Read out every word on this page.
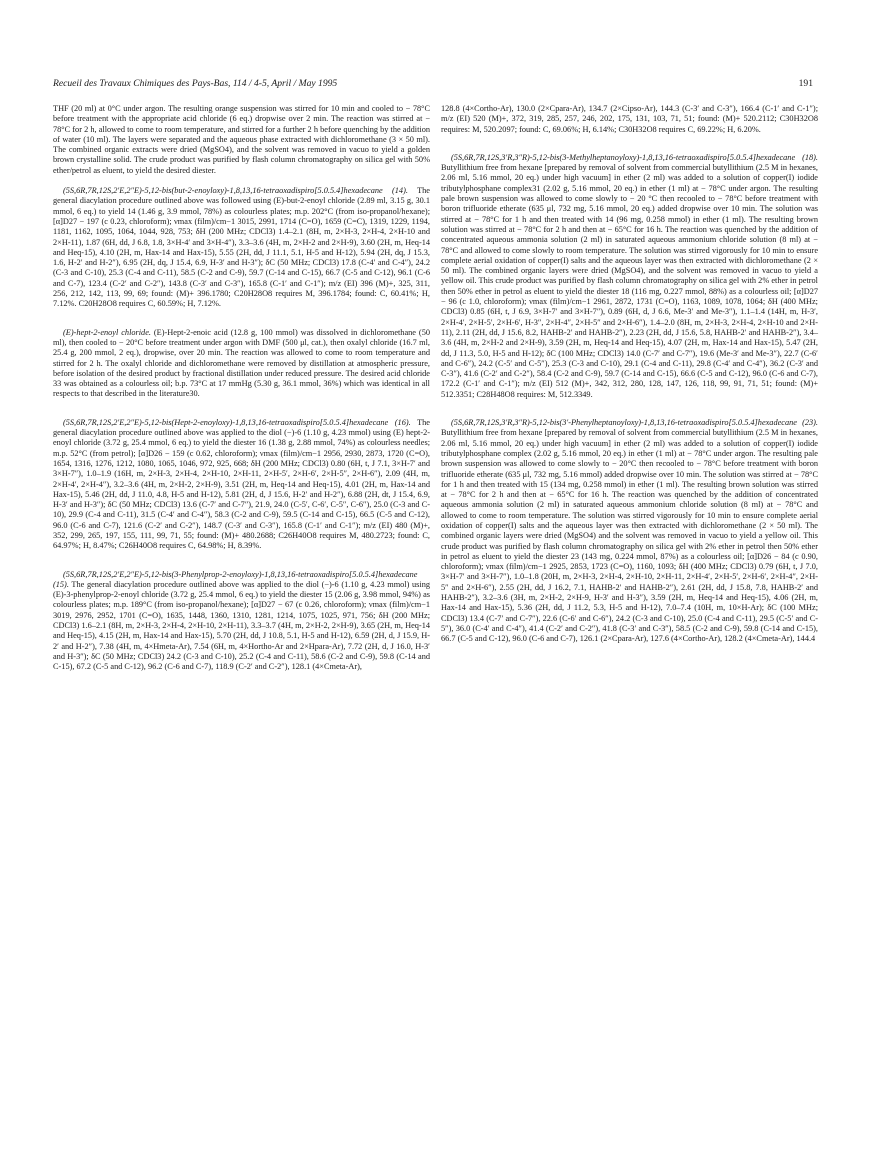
Recueil des Travaux Chimiques des Pays-Bas, 114 / 4-5, April / May 1995	191

THF (20 ml) at 0°C under argon. The resulting orange suspension was stirred for 10 min and cooled to − 78°C before treatment with the appropriate acid chloride (6 eq.) dropwise over 2 min. The reaction was stirred at − 78°C for 2 h, allowed to come to room temperature, and stirred for a further 2 h before quenching by the addition of water (10 ml). The layers were separated and the aqueous phase extracted with dichloromethane (3 × 50 ml). The combined organic extracts were dried (MgSO4), and the solvent was removed in vacuo to yield a golden brown crystalline solid. The crude product was purified by flash column chromatography on silica gel with 50% ether/petrol as eluent, to yield the desired diester.

(5S,6R,7R,12S,2′E,2″E)-5,12-bis(but-2-enoyloxy)-1,8,13,16-tetraoxadispiro[5.0.5.4]hexadecane (14). The general diacylation procedure outlined above was followed using (E)-but-2-enoyl chloride (2.89 ml, 3.15 g, 30.1 mmol, 6 eq.) to yield 14 (1.46 g, 3.9 mmol, 78%) as colourless plates; m.p. 202°C (from iso-propanol/hexane); [α]D27 − 197 (c 0.23, chloroform); νmax (film)/cm−1 3015, 2991, 1714 (C=O), 1659 (C=C), 1319, 1229, 1194, 1181, 1162, 1095, 1064, 1044, 928, 753; δH (200 MHz; CDCl3) 1.4–2.1 (8H, m, 2×H-3, 2×H-4, 2×H-10 and 2×H-11), 1.87 (6H, dd, J 6.8, 1.8, 3×H-4′ and 3×H-4″), 3.3–3.6 (4H, m, 2×H-2 and 2×H-9), 3.60 (2H, m, Heq-14 and Heq-15), 4.10 (2H, m, Hax-14 and Hax-15), 5.55 (2H, dd, J 11.1, 5.1, H-5 and H-12), 5.94 (2H, dq, J 15.3, 1.6, H-2′ and H-2″), 6.95 (2H, dq, J 15.4, 6.9, H-3′ and H-3″); δC (50 MHz; CDCl3) 17.8 (C-4′ and C-4″), 24.2 (C-3 and C-10), 25.3 (C-4 and C-11), 58.5 (C-2 and C-9), 59.7 (C-14 and C-15), 66.7 (C-5 and C-12), 96.1 (C-6 and C-7), 123.4 (C-2′ and C-2″), 143.8 (C-3′ and C-3″), 165.8 (C-1′ and C-1″); m/z (EI) 396 (M)+, 325, 311, 256, 212, 142, 113, 99, 69; found: (M)+ 396.1780; C20H28O8 requires M, 396.1784; found: C, 60.41%; H, 7.12%. C20H28O8 requires C, 60.59%; H, 7.12%.

(E)-hept-2-enoyl chloride. (E)-Hept-2-enoic acid (12.8 g, 100 mmol) was dissolved in dichloromethane (50 ml), then cooled to − 20°C before treatment under argon with DMF (500 μl, cat.), then oxalyl chloride (16.7 ml, 25.4 g, 200 mmol, 2 eq.), dropwise, over 20 min. The reaction was allowed to come to room temperature and stirred for 2 h. The oxalyl chloride and dichloromethane were removed by distillation at atmospheric pressure, before isolation of the desired product by fractional distillation under reduced pressure. The desired acid chloride 33 was obtained as a colourless oil; b.p. 73°C at 17 mmHg (5.30 g, 36.1 mmol, 36%) which was identical in all respects to that described in the literature30.

(5S,6R,7R,12S,2′E,2″E)-5,12-bis(Hept-2-enoyloxy)-1,8,13,16-tetraoxadispiro[5.0.5.4]hexadecane (16). The general diacylation procedure outlined above was applied to the diol (−)-6 (1.10 g, 4.23 mmol) using (E) hept-2-enoyl chloride (3.72 g, 25.4 mmol, 6 eq.) to yield the diester 16 (1.38 g, 2.88 mmol, 74%) as colourless needles; m.p. 52°C (from petrol); [α]D26 − 159 (c 0.62, chloroform); νmax (film)/cm−1 2956, 2930, 2873, 1720 (C=O), 1654, 1316, 1276, 1212, 1080, 1065, 1046, 972, 925, 668; δH (200 MHz; CDCl3) 0.80 (6H, t, J 7.1, 3×H-7′ and 3×H-7″), 1.0–1.9 (16H, m, 2×H-3, 2×H-4, 2×H-10, 2×H-11, 2×H-5′, 2×H-6′, 2×H-5″, 2×H-6″), 2.09 (4H, m, 2×H-4′, 2×H-4″), 3.2–3.6 (4H, m, 2×H-2, 2×H-9), 3.51 (2H, m, Heq-14 and Heq-15), 4.01 (2H, m, Hax-14 and Hax-15), 5.46 (2H, dd, J 11.0, 4.8, H-5 and H-12), 5.81 (2H, d, J 15.6, H-2′ and H-2″), 6.88 (2H, dt, J 15.4, 6.9, H-3′ and H-3″); δC (50 MHz; CDCl3) 13.6 (C-7′ and C-7″), 21.9, 24.0 (C-5′, C-6′, C-5″, C-6″), 25.0 (C-3 and C-10), 29.9 (C-4 and C-11), 31.5 (C-4′ and C-4″), 58.3 (C-2 and C-9), 59.5 (C-14 and C-15), 66.5 (C-5 and C-12), 96.0 (C-6 and C-7), 121.6 (C-2′ and C-2″), 148.7 (C-3′ and C-3″), 165.8 (C-1′ and C-1″); m/z (EI) 480 (M)+, 352, 299, 265, 197, 155, 111, 99, 71, 55; found: (M)+ 480.2688; C26H40O8 requires M, 480.2723; found: C, 64.97%; H, 8.47%; C26H40O8 requires C, 64.98%; H, 8.39%.

(5S,6R,7R,12S,2′E,2″E)-5,12-bis(3-Phenylprop-2-enoyloxy)-1,8,13,16-tetraoxadispiro[5.0.5.4]hexadecane (15). The general diacylation procedure outlined above was applied to the diol (−)-6 (1.10 g, 4.23 mmol) using (E)-3-phenylprop-2-enoyl chloride (3.72 g, 25.4 mmol, 6 eq.) to yield the diester 15 (2.06 g, 3.98 mmol, 94%) as colourless plates; m.p. 189°C (from iso-propanol/hexane); [α]D27 − 67 (c 0.26, chloroform); νmax (film)/cm−1 3019, 2976, 2952, 1701 (C=O), 1635, 1448, 1360, 1310, 1281, 1214, 1075, 1025, 971, 756; δH (200 MHz; CDCl3) 1.6–2.1 (8H, m, 2×H-3, 2×H-4, 2×H-10, 2×H-11), 3.3–3.7 (4H, m, 2×H-2, 2×H-9), 3.65 (2H, m, Heq-14 and Heq-15), 4.15 (2H, m, Hax-14 and Hax-15), 5.70 (2H, dd, J 10.8, 5.1, H-5 and H-12), 6.59 (2H, d, J 15.9, H-2′ and H-2″), 7.38 (4H, m, 4×Hmeta-Ar), 7.54 (6H, m, 4×Hortho-Ar and 2×Hpara-Ar), 7.72 (2H, d, J 16.0, H-3′ and H-3″); δC (50 MHz; CDCl3) 24.2 (C-3 and C-10), 25.2 (C-4 and C-11), 58.6 (C-2 and C-9), 59.8 (C-14 and C-15), 67.2 (C-5 and C-12), 96.2 (C-6 and C-7), 118.9 (C-2′ and C-2″), 128.1 (4×Cmeta-Ar),

128.8 (4×Cortho-Ar), 130.0 (2×Cpara-Ar), 134.7 (2×Cipso-Ar), 144.3 (C-3′ and C-3″), 166.4 (C-1′ and C-1″); m/z (EI) 520 (M)+, 372, 319, 285, 257, 246, 202, 175, 131, 103, 71, 51; found: (M)+ 520.2112; C30H32O8 requires: M, 520.2097; found: C, 69.06%; H, 6.14%; C30H32O8 requires C, 69.22%; H, 6.20%.

(5S,6R,7R,12S,3′R,3″R)-5,12-bis(3-Methylheptanoyloxy)-1,8,13,16-tetraoxadispiro[5.0.5.4]hexadecane (18). Butyllithium free from hexane [prepared by removal of solvent from commercial butyllithium (2.5 M in hexanes, 2.06 ml, 5.16 mmol, 20 eq.) under high vacuum] in ether (2 ml) was added to a solution of copper(I) iodide tributylphosphane complex31 (2.02 g, 5.16 mmol, 20 eq.) in ether (1 ml) at − 78°C under argon. The resulting pale brown suspension was allowed to come slowly to − 20 °C then recooled to − 78°C before treatment with boron trifluoride etherate (635 μl, 732 mg, 5.16 mmol, 20 eq.) added dropwise over 10 min. The solution was stirred at − 78°C for 1 h and then treated with 14 (96 mg, 0.258 mmol) in ether (1 ml). The resulting brown solution was stirred at − 78°C for 2 h and then at − 65°C for 16 h. The reaction was quenched by the addition of concentrated aqueous ammonia solution (2 ml) in saturated aqueous ammonium chloride solution (8 ml) at − 78°C and allowed to come slowly to room temperature. The solution was stirred vigorously for 10 min to ensure complete aerial oxidation of copper(I) salts and the aqueous layer was then extracted with dichloromethane (2 × 50 ml). The combined organic layers were dried (MgSO4), and the solvent was removed in vacuo to yield a yellow oil. This crude product was purified by flash column chromatography on silica gel with 2% ether in petrol then 50% ether in petrol as eluent to yield the diester 18 (116 mg, 0.227 mmol, 88%) as a colourless oil; [α]D27 − 96 (c 1.0, chloroform); νmax (film)/cm−1 2961, 2872, 1731 (C=O), 1163, 1089, 1078, 1064; δH (400 MHz; CDCl3) 0.85 (6H, t, J 6.9, 3×H-7′ and 3×H-7″), 0.89 (6H, d, J 6.6, Me-3′ and Me-3″), 1.1–1.4 (14H, m, H-3′, 2×H-4′, 2×H-5′, 2×H-6′, H-3″, 2×H-4″, 2×H-5″ and 2×H-6″), 1.4–2.0 (8H, m, 2×H-3, 2×H-4, 2×H-10 and 2×H-11), 2.11 (2H, dd, J 15.6, 8.2, HAHB-2′ and HAHB-2″), 2.23 (2H, dd, J 15.6, 5.8, HAHB-2′ and HAHB-2″), 3.4–3.6 (4H, m, 2×H-2 and 2×H-9), 3.59 (2H, m, Heq-14 and Heq-15), 4.07 (2H, m, Hax-14 and Hax-15), 5.47 (2H, dd, J 11.3, 5.0, H-5 and H-12); δC (100 MHz; CDCl3) 14.0 (C-7′ and C-7″), 19.6 (Me-3′ and Me-3″), 22.7 (C-6′ and C-6″), 24.2 (C-5′ and C-5″), 25.3 (C-3 and C-10), 29.1 (C-4 and C-11), 29.8 (C-4′ and C-4″), 36.2 (C-3′ and C-3″), 41.6 (C-2′ and C-2″), 58.4 (C-2 and C-9), 59.7 (C-14 and C-15), 66.6 (C-5 and C-12), 96.0 (C-6 and C-7), 172.2 (C-1′ and C-1″); m/z (EI) 512 (M)+, 342, 312, 280, 128, 147, 126, 118, 99, 91, 71, 51; found: (M)+ 512.3351; C28H48O8 requires: M, 512.3349.

(5S,6R,7R,12S,3′R,3″R)-5,12-bis(3′-Phenylheptanoyloxy)-1,8,13,16-tetraoxadispiro[5.0.5.4]hexadecane (23). Butyllithium free from hexane [prepared by removal of solvent from commercial butyllithium (2.5 M in hexanes, 2.06 ml, 5.16 mmol, 20 eq.) under high vacuum] in ether (2 ml) was added to a solution of copper(I) iodide tributylphosphane complex (2.02 g, 5.16 mmol, 20 eq.) in ether (1 ml) at − 78°C under argon. The resulting pale brown suspension was allowed to come slowly to − 20°C then recooled to − 78°C before treatment with boron trifluoride etherate (635 μl, 732 mg, 5.16 mmol) added dropwise over 10 min. The solution was stirred at − 78°C for 1 h and then treated with 15 (134 mg, 0.258 mmol) in ether (1 ml). The resulting brown solution was stirred at − 78°C for 2 h and then at − 65°C for 16 h. The reaction was quenched by the addition of concentrated aqueous ammonia solution (2 ml) in saturated aqueous ammonium chloride solution (8 ml) at − 78°C and allowed to come to room temperature. The solution was stirred vigorously for 10 min to ensure complete aerial oxidation of copper(I) salts and the aqueous layer was then extracted with dichloromethane (2 × 50 ml). The combined organic layers were dried (MgSO4) and the solvent was removed in vacuo to yield a yellow oil. This crude product was purified by flash column chromatography on silica gel with 2% ether in petrol then 50% ether in petrol as eluent to yield the diester 23 (143 mg, 0.224 mmol, 87%) as a colourless oil; [α]D26 − 84 (c 0.90, chloroform); νmax (film)/cm−1 2925, 2853, 1723 (C=O), 1160, 1093; δH (400 MHz; CDCl3) 0.79 (6H, t, J 7.0, 3×H-7′ and 3×H-7″), 1.0–1.8 (20H, m, 2×H-3, 2×H-4, 2×H-10, 2×H-11, 2×H-4′, 2×H-5′, 2×H-6′, 2×H-4″, 2×H-5″ and 2×H-6″), 2.55 (2H, dd, J 16.2, 7.1, HAHB-2′ and HAHB-2″), 2.61 (2H, dd, J 15.8, 7.8, HAHB-2′ and HAHB-2″), 3.2–3.6 (3H, m, 2×H-2, 2×H-9, H-3′ and H-3″), 3.59 (2H, m, Heq-14 and Heq-15), 4.06 (2H, m, Hax-14 and Hax-15), 5.36 (2H, dd, J 11.2, 5.3, H-5 and H-12), 7.0–7.4 (10H, m, 10×H-Ar); δC (100 MHz; CDCl3) 13.4 (C-7′ and C-7″), 22.6 (C-6′ and C-6″), 24.2 (C-3 and C-10), 25.0 (C-4 and C-11), 29.5 (C-5′ and C-5″), 36.0 (C-4′ and C-4″), 41.4 (C-2′ and C-2″), 41.8 (C-3′ and C-3″), 58.5 (C-2 and C-9), 59.8 (C-14 and C-15), 66.7 (C-5 and C-12), 96.0 (C-6 and C-7), 126.1 (2×Cpara-Ar), 127.6 (4×Cortho-Ar), 128.2 (4×Cmeta-Ar), 144.4
